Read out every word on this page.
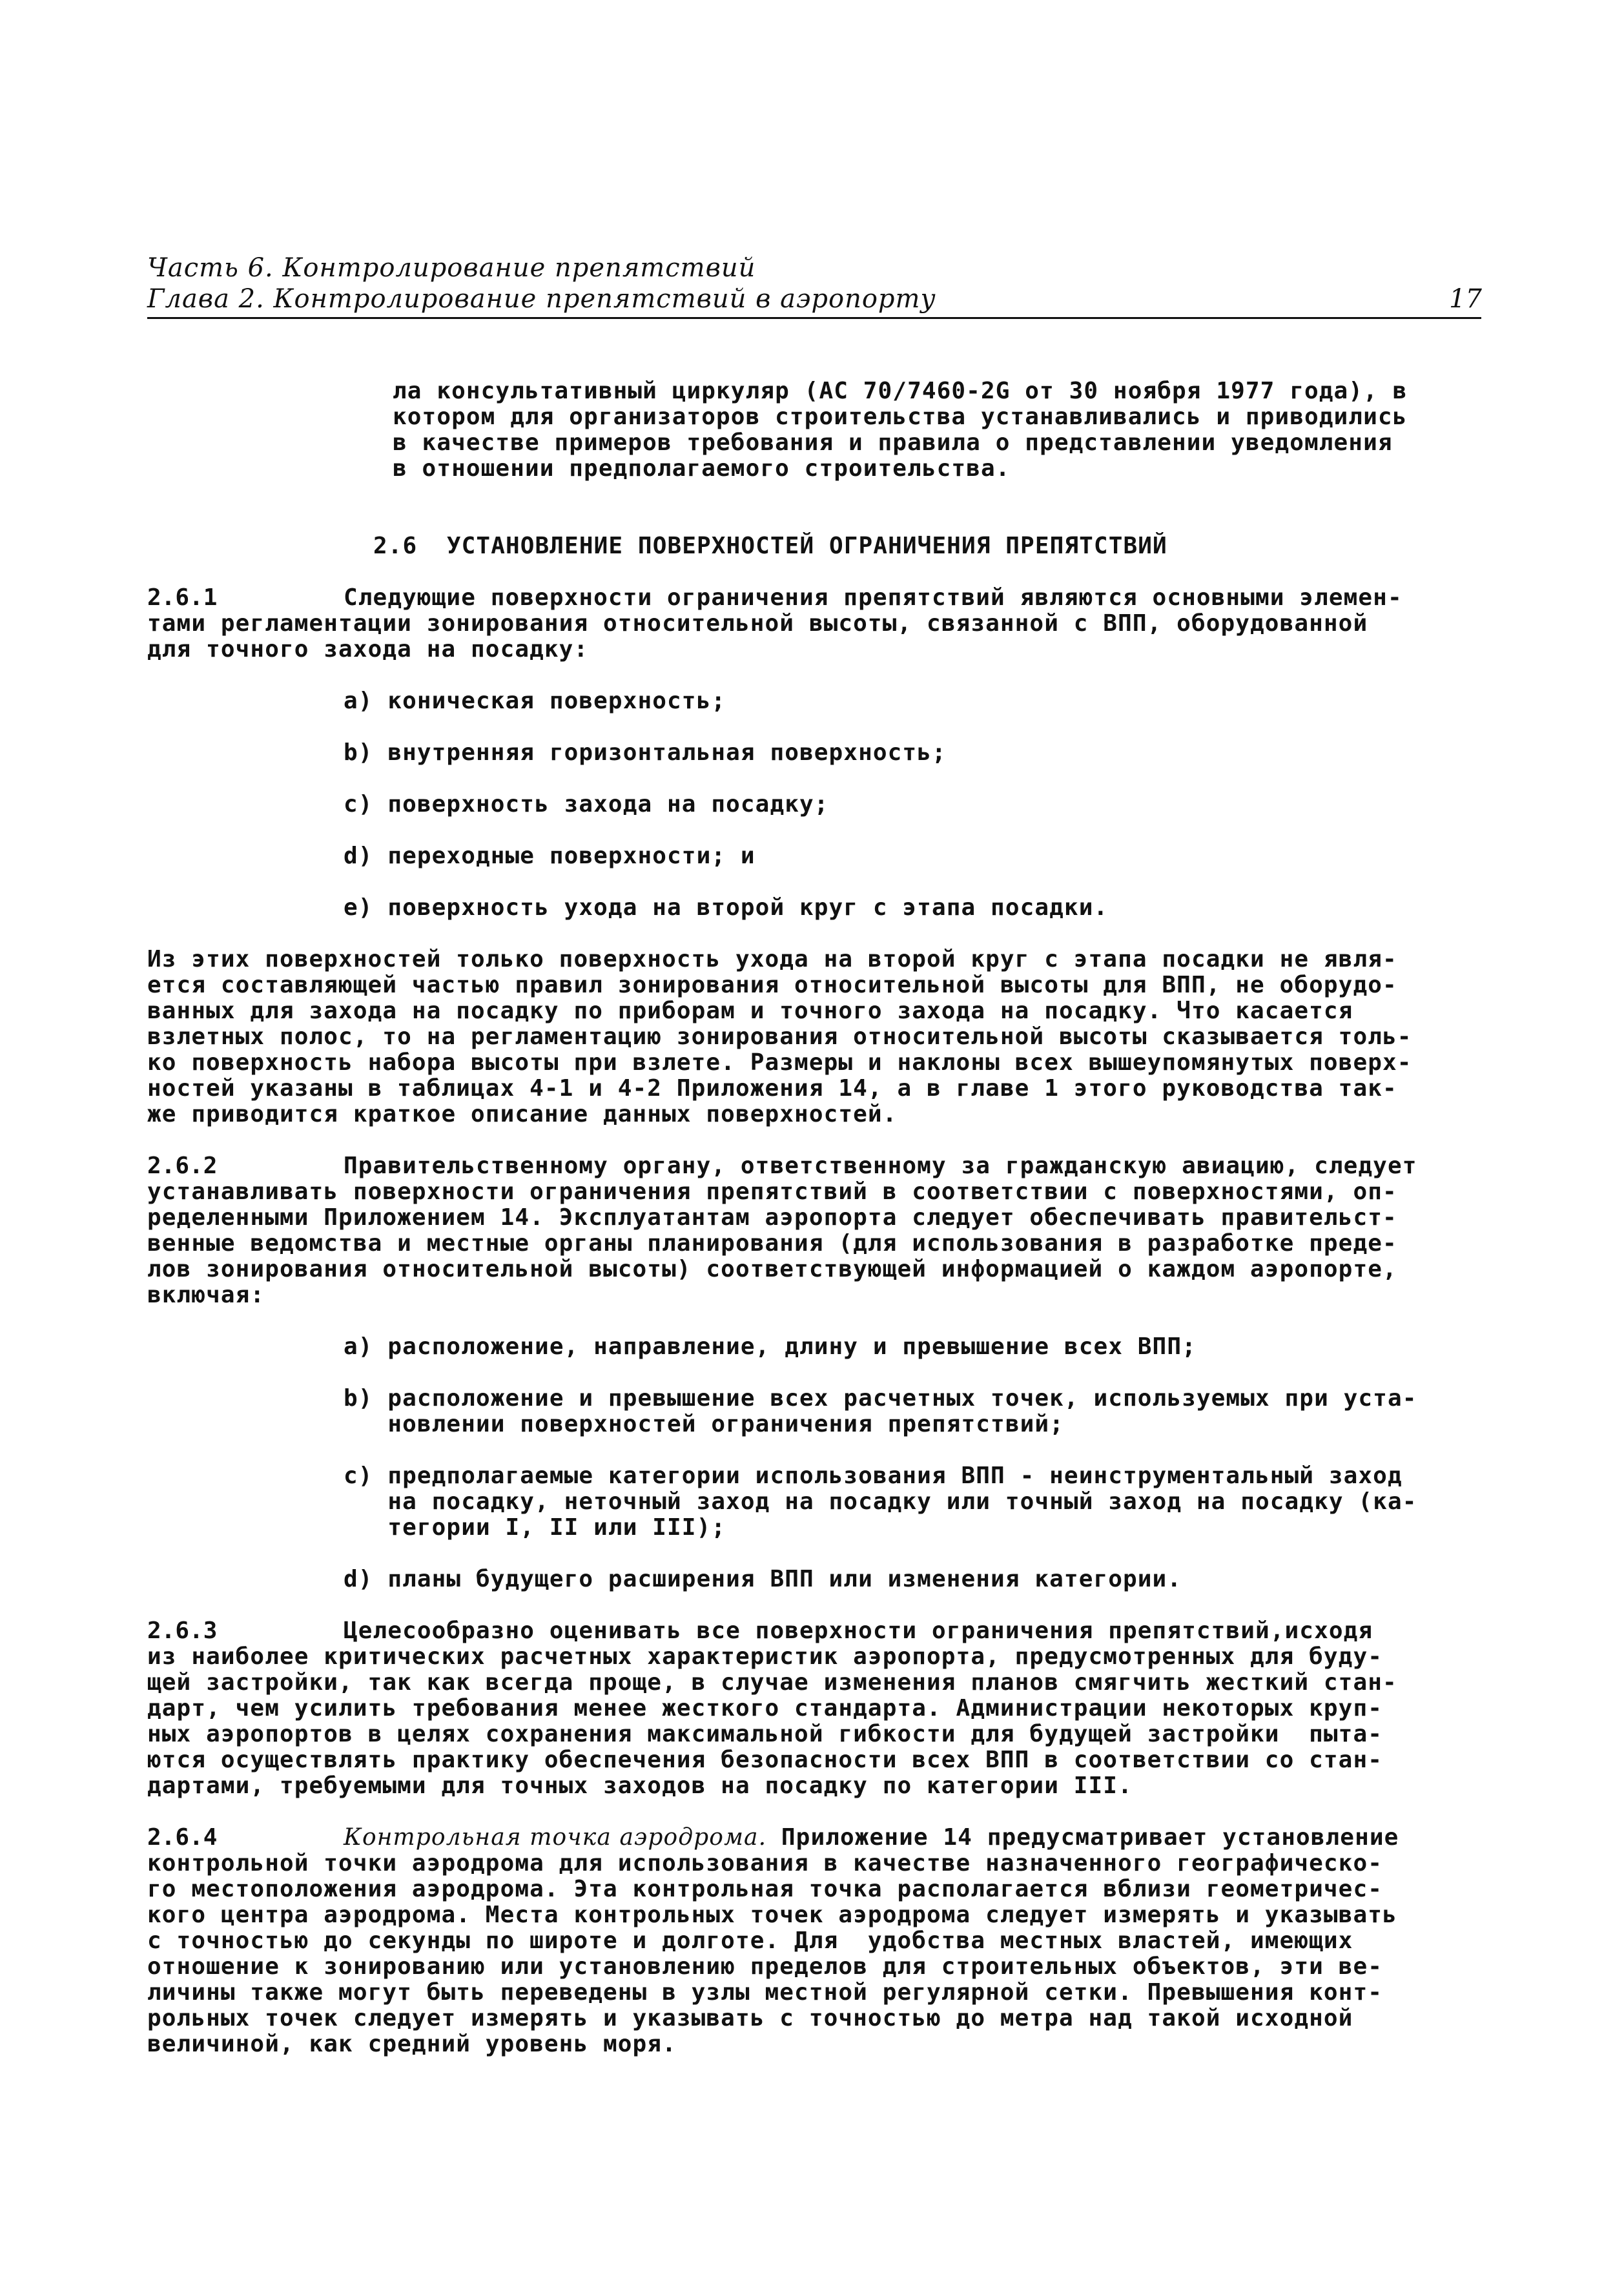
Часть 6. Контролирование препятствий
Глава 2. Контролирование препятствий в аэропорту	17
ла консультативный циркуляр (АС 70/7460-2G от 30 ноября 1977 года), в
котором для организаторов строительства устанавливались и приводились
в качестве примеров требования и правила о представлении уведомления
в отношении предполагаемого строительства.
2.6  УСТАНОВЛЕНИЕ ПОВЕРХНОСТЕЙ ОГРАНИЧЕНИЯ ПРЕПЯТСТВИЙ
2.6.1	Следующие поверхности ограничения препятствий являются основными элемен-
тами регламентации зонирования относительной высоты, связанной с ВПП, оборудованной
для точного захода на посадку:
a) коническая поверхность;
b) внутренняя горизонтальная поверхность;
c) поверхность захода на посадку;
d) переходные поверхности; и
e) поверхность ухода на второй круг с этапа посадки.
Из этих поверхностей только поверхность ухода на второй круг с этапа посадки не явля-
ется составляющей частью правил зонирования относительной высоты для ВПП, не оборудо-
ванных для захода на посадку по приборам и точного захода на посадку. Что касается
взлетных полос, то на регламентацию зонирования относительной высоты сказывается толь-
ко поверхность набора высоты при взлете. Размеры и наклоны всех вышеупомянутых поверх-
ностей указаны в таблицах 4-1 и 4-2 Приложения 14, а в главе 1 этого руководства так-
же приводится краткое описание данных поверхностей.
2.6.2	Правительственному органу, ответственному за гражданскую авиацию, следует
устанавливать поверхности ограничения препятствий в соответствии с поверхностями, оп-
ределенными Приложением 14. Эксплуатантам аэропорта следует обеспечивать правительст-
венные ведомства и местные органы планирования (для использования в разработке преде-
лов зонирования относительной высоты) соответствующей информацией о каждом аэропорте,
включая:
a) расположение, направление, длину и превышение всех ВПП;
b) расположение и превышение всех расчетных точек, используемых при уста-
новлении поверхностей ограничения препятствий;
c) предполагаемые категории использования ВПП - неинструментальный заход
на посадку, неточный заход на посадку или точный заход на посадку (ка-
тегории I, II или III);
d) планы будущего расширения ВПП или изменения категории.
2.6.3	Целесообразно оценивать все поверхности ограничения препятствий,исходя
из наиболее критических расчетных характеристик аэропорта, предусмотренных для буду-
щей застройки, так как всегда проще, в случае изменения планов смягчить жесткий стан-
дарт, чем усилить требования менее жесткого стандарта. Администрации некоторых круп-
ных аэропортов в целях сохранения максимальной гибкости для будущей застройки  пыта-
ются осуществлять практику обеспечения безопасности всех ВПП в соответствии со стан-
дартами, требуемыми для точных заходов на посадку по категории III.
2.6.4	Контрольная точка аэродрома. Приложение 14 предусматривает установление
контрольной точки аэродрома для использования в качестве назначенного географическо-
го местоположения аэродрома. Эта контрольная точка располагается вблизи геометричес-
кого центра аэродрома. Места контрольных точек аэродрома следует измерять и указывать
с точностью до секунды по широте и долготе. Для  удобства местных властей, имеющих
отношение к зонированию или установлению пределов для строительных объектов, эти ве-
личины также могут быть переведены в узлы местной регулярной сетки. Превышения конт-
рольных точек следует измерять и указывать с точностью до метра над такой исходной
величиной, как средний уровень моря.
